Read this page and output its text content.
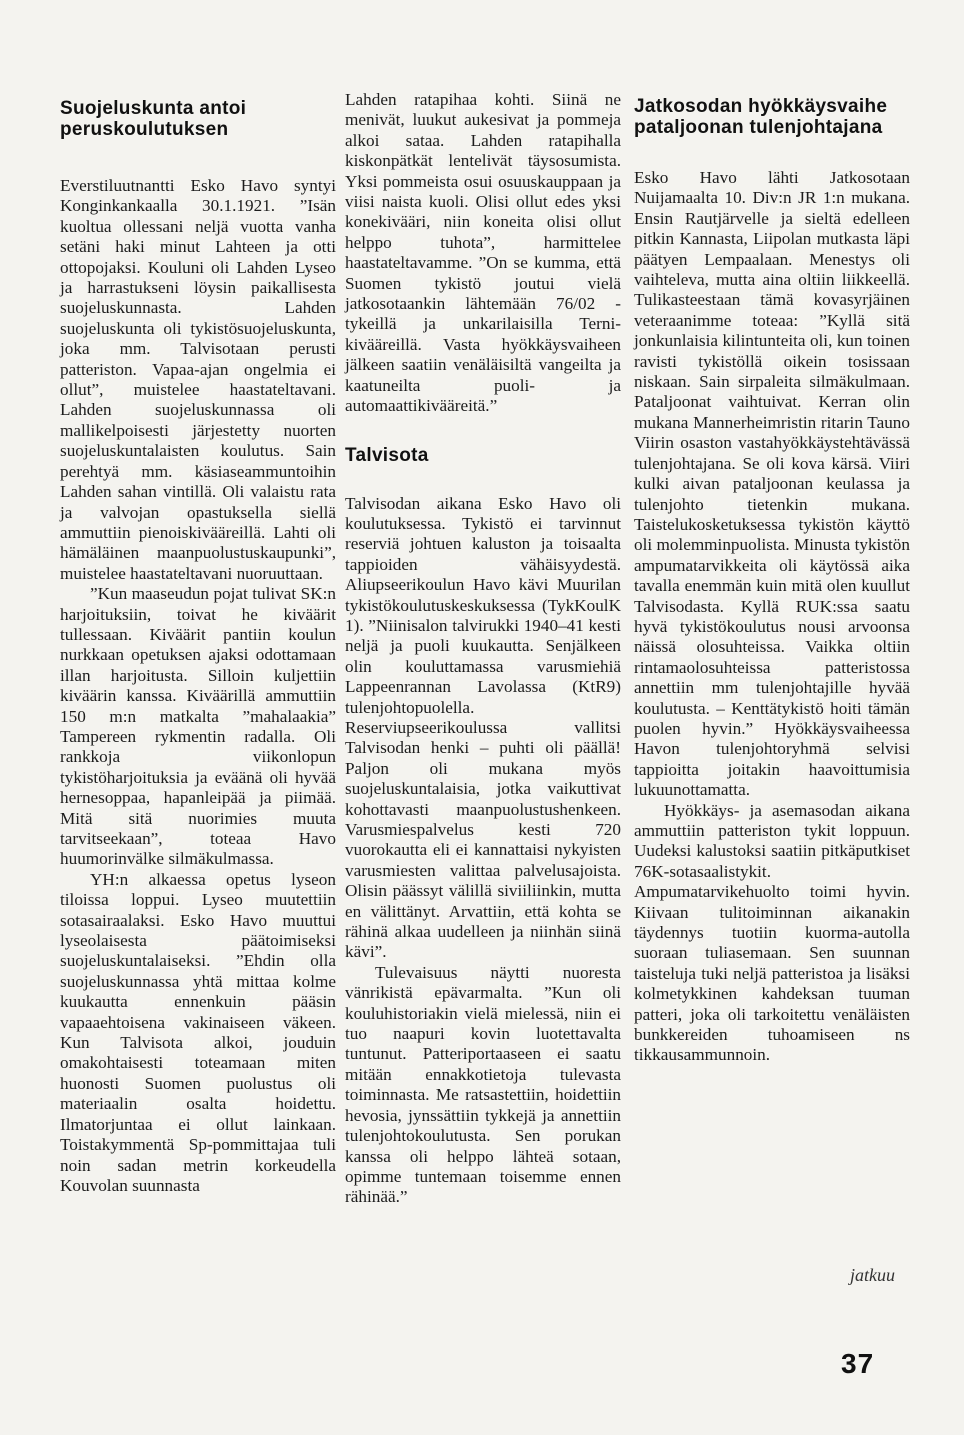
Suojeluskunta antoi peruskoulutuksen

Everstiluutnantti Esko Havo syntyi Konginkankaalla 30.1.1921. ”Isän kuoltua ollessani neljä vuotta vanha setäni haki minut Lahteen ja otti ottopojaksi. Kouluni oli Lahden Lyseo ja harrastukseni löysin paikallisesta suojeluskunnasta. Lahden suojeluskunta oli tykistösuojeluskunta, joka mm. Talvisotaan perusti patteriston. Vapaa-ajan ongelmia ei ollut”, muistelee haastateltavani. Lahden suojeluskunnassa oli mallikelpoisesti järjestetty nuorten suojeluskuntalaisten koulutus. Sain perehtyä mm. käsiaseammuntoihin Lahden sahan vintillä. Oli valaistu rata ja valvojan opastuksella siellä ammuttiin pienoiskivääreillä. Lahti oli hämäläinen maanpuolustuskaupunki”, muistelee haastateltavani nuoruuttaan.

”Kun maaseudun pojat tulivat SK:n harjoituksiin, toivat he kiväärit tullessaan. Kiväärit pantiin koulun nurkkaan opetuksen ajaksi odottamaan illan harjoitusta. Silloin kuljettiin kiväärin kanssa. Kiväärillä ammuttiin 150 m:n matkalta ”mahalaakia” Tampereen rykmentin radalla. Oli rankkoja viikonlopun tykistöharjoituksia ja eväänä oli hyvää hernesoppaa, hapanleipää ja piimää. Mitä sitä nuorimies muuta tarvitseekaan”, toteaa Havo huumorinvälke silmäkulmassa.

YH:n alkaessa opetus lyseon tiloissa loppui. Lyseo muutettiin sotasairaalaksi. Esko Havo muuttui lyseolaisesta päätoimiseksi suojeluskuntalaiseksi. ”Ehdin olla suojeluskunnassa yhtä mittaa kolme kuukautta ennenkuin pääsin vapaaehtoisena vakinaiseen väkeen. Kun Talvisota alkoi, jouduin omakohtaisesti toteamaan miten huonosti Suomen puolustus oli materiaalin osalta hoidettu. Ilmatorjuntaa ei ollut lainkaan. Toistakymmentä Sp-pommittajaa tuli noin sadan metrin korkeudella Kouvolan suunnasta

Lahden ratapihaa kohti. Siinä ne menivät, luukut aukesivat ja pommeja alkoi sataa. Lahden ratapihalla kiskonpätkät lentelivät täysosumista. Yksi pommeista osui osuuskauppaan ja viisi naista kuoli. Olisi ollut edes yksi konekivääri, niin koneita olisi ollut helppo tuhota”, harmittelee haastateltavamme. ”On se kumma, että Suomen tykistö joutui vielä jatkosotaankin lähtemään 76/02 -tykeillä ja unkarilaisilla Terni-kivääreillä. Vasta hyökkäysvaiheen jälkeen saatiin venäläisiltä vangeilta ja kaatuneilta puoli- ja automaattikivääreitä.”

Talvisota

Talvisodan aikana Esko Havo oli koulutuksessa. Tykistö ei tarvinnut reserviä johtuen kaluston ja toisaalta tappioiden vähäisyydestä. Aliupseerikoulun Havo kävi Muurilan tykistökoulutuskeskuksessa (TykKoulK 1). ”Niinisalon talvirukki 1940–41 kesti neljä ja puoli kuukautta. Senjälkeen olin kouluttamassa varusmiehiä Lappeenrannan Lavolassa (KtR9) tulenjohtopuolella. Reserviupseerikoulussa vallitsi Talvisodan henki – puhti oli päällä! Paljon oli mukana myös suojeluskuntalaisia, jotka vaikuttivat kohottavasti maanpuolustushenkeen. Varusmiespalvelus kesti 720 vuorokautta eli ei kannattaisi nykyisten varusmiesten valittaa palvelusajoista. Olisin päässyt välillä siviiliinkin, mutta en välittänyt. Arvattiin, että kohta se rähinä alkaa uudelleen ja niinhän siinä kävi”.

Tulevaisuus näytti nuoresta vänrikistä epävarmalta. ”Kun oli kouluhistoriakin vielä mielessä, niin ei tuo naapuri kovin luotettavalta tuntunut. Patteriportaaseen ei saatu mitään ennakkotietoja tulevasta toiminnasta. Me ratsastettiin, hoidettiin hevosia, jynssättiin tykkejä ja annettiin tulenjohtokoulutusta. Sen porukan kanssa oli helppo lähteä sotaan, opimme tuntemaan toisemme ennen rähinää.”

Jatkosodan hyökkäysvaihe pataljoonan tulenjohtajana

Esko Havo lähti Jatkosotaan Nuijamaalta 10. Div:n JR 1:n mukana. Ensin Rautjärvelle ja sieltä edelleen pitkin Kannasta, Liipolan mutkasta läpi päätyen Lempaalaan. Menestys oli vaihteleva, mutta aina oltiin liikkeellä. Tulikasteestaan tämä kovasyrjäinen veteraanimme toteaa: ”Kyllä sitä jonkunlaisia kilintunteita oli, kun toinen ravisti tykistöllä oikein tosissaan niskaan. Sain sirpaleita silmäkulmaan. Pataljoonat vaihtuivat. Kerran olin mukana Mannerheimristin ritarin Tauno Viirin osaston vastahyökkäystehtävässä tulenjohtajana. Se oli kova kärsä. Viiri kulki aivan pataljoonan keulassa ja tulenjohto tietenkin mukana. Taistelukosketuksessa tykistön käyttö oli molemminpuolista. Minusta tykistön ampumatarvikkeita oli käytössä aika tavalla enemmän kuin mitä olen kuullut Talvisodasta. Kyllä RUK:ssa saatu hyvä tykistökoulutus nousi arvoonsa näissä olosuhteissa. Vaikka oltiin rintamaolosuhteissa patteristossa annettiin mm tulenjohtajille hyvää koulutusta. – Kenttätykistö hoiti tämän puolen hyvin.” Hyökkäysvaiheessa Havon tulenjohtoryhmä selvisi tappioitta joitakin haavoittumisia lukuunottamatta.

Hyökkäys- ja asemasodan aikana ammuttiin patteriston tykit loppuun. Uudeksi kalustoksi saatiin pitkäputkiset 76K-sotasaalistykit. Ampumatarvikehuolto toimi hyvin. Kiivaan tulitoiminnan aikanakin täydennys tuotiin kuorma-autolla suoraan tuliasemaan. Sen suunnan taisteluja tuki neljä patteristoa ja lisäksi kolmetykkinen kahdeksan tuuman patteri, joka oli tarkoitettu venäläisten bunkkereiden tuhoamiseen ns tikkausammunnoin.

jatkuu
37
